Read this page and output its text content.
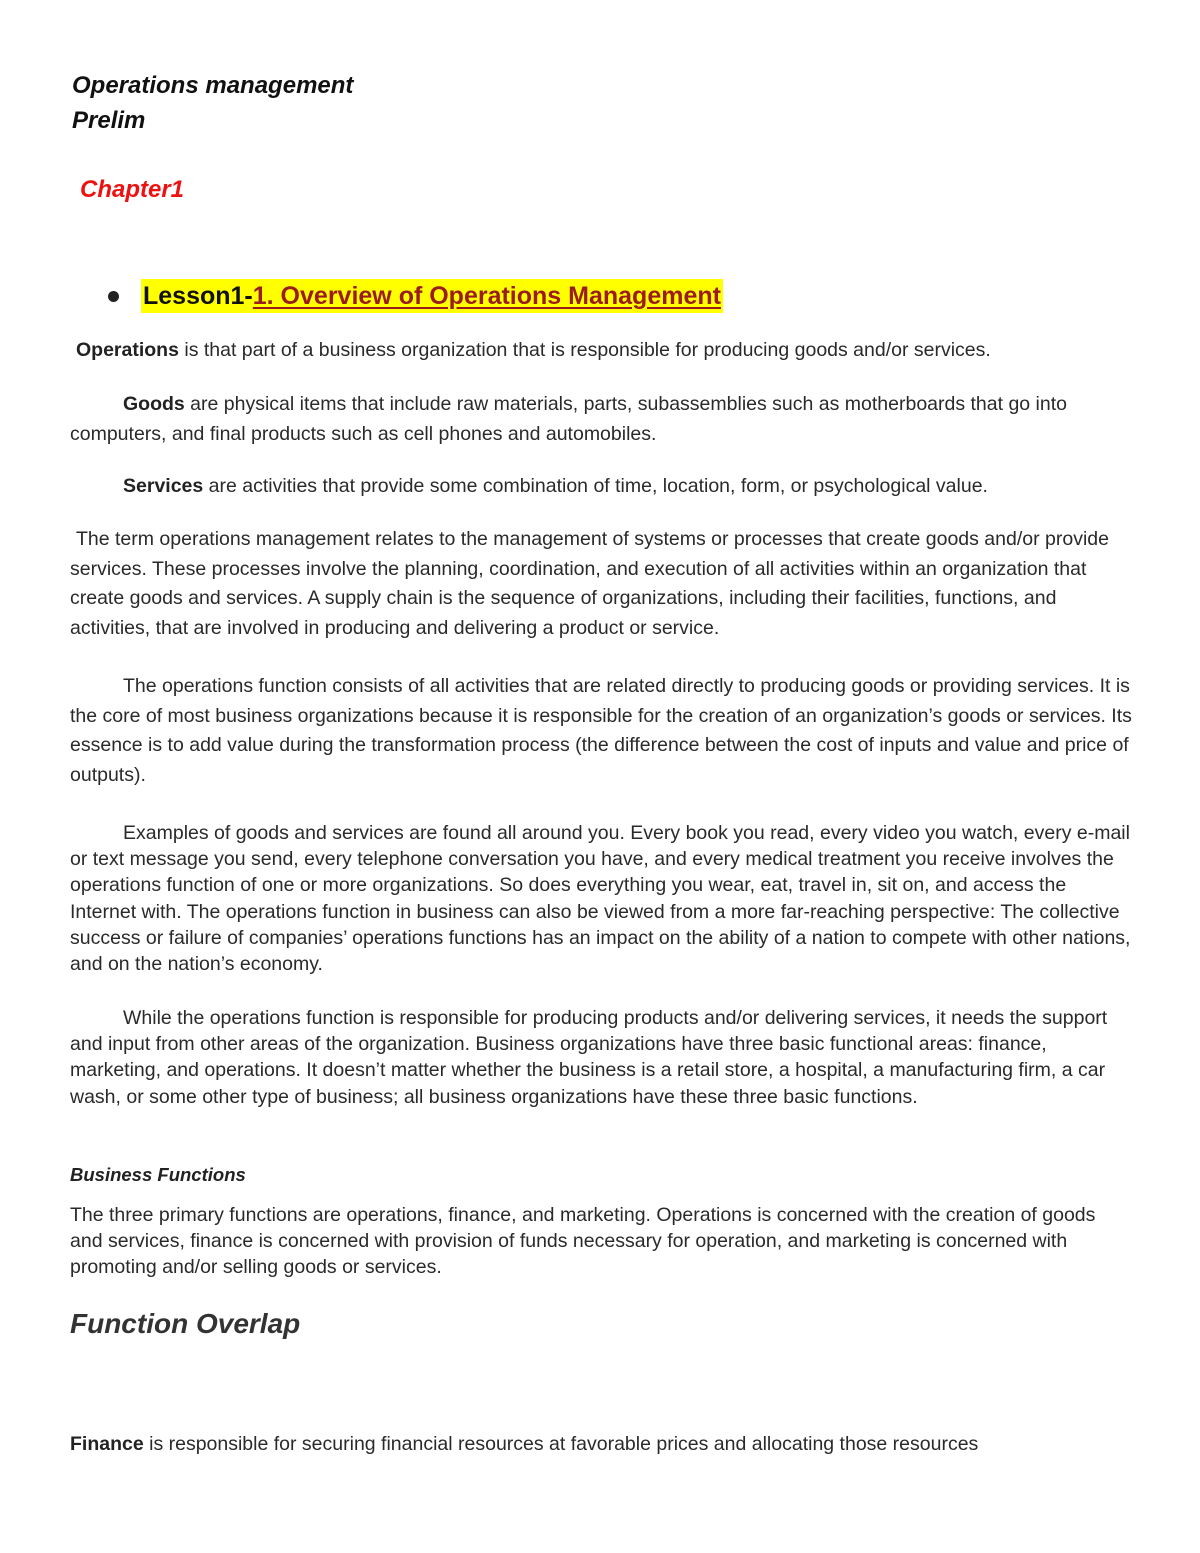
Operations management
Prelim
Chapter1
Lesson1-1. Overview of Operations Management

Operations is that part of a business organization that is responsible for producing goods and/or services.

Goods are physical items that include raw materials, parts, subassemblies such as motherboards that go into computers, and final products such as cell phones and automobiles.

Services are activities that provide some combination of time, location, form, or psychological value.

The term operations management relates to the management of systems or processes that create goods and/or provide services. These processes involve the planning, coordination, and execution of all activities within an organization that create goods and services. A supply chain is the sequence of organizations, including their facilities, functions, and activities, that are involved in producing and delivering a product or service.

The operations function consists of all activities that are related directly to producing goods or providing services. It is the core of most business organizations because it is responsible for the creation of an organization’s goods or services. Its essence is to add value during the transformation process (the difference between the cost of inputs and value and price of outputs).

Examples of goods and services are found all around you. Every book you read, every video you watch, every e-mail or text message you send, every telephone conversation you have, and every medical treatment you receive involves the operations function of one or more organizations. So does everything you wear, eat, travel in, sit on, and access the Internet with. The operations function in business can also be viewed from a more far-reaching perspective: The collective success or failure of companies’ operations functions has an impact on the ability of a nation to compete with other nations, and on the nation’s economy.

While the operations function is responsible for producing products and/or delivering services, it needs the support and input from other areas of the organization. Business organizations have three basic functional areas: finance, marketing, and operations. It doesn’t matter whether the business is a retail store, a hospital, a manufacturing firm, a car wash, or some other type of business; all business organizations have these three basic functions.

Business Functions

The three primary functions are operations, finance, and marketing. Operations is concerned with the creation of goods and services, finance is concerned with provision of funds necessary for operation, and marketing is concerned with promoting and/or selling goods or services.

Function Overlap

Finance is responsible for securing financial resources at favorable prices and allocating those resources
